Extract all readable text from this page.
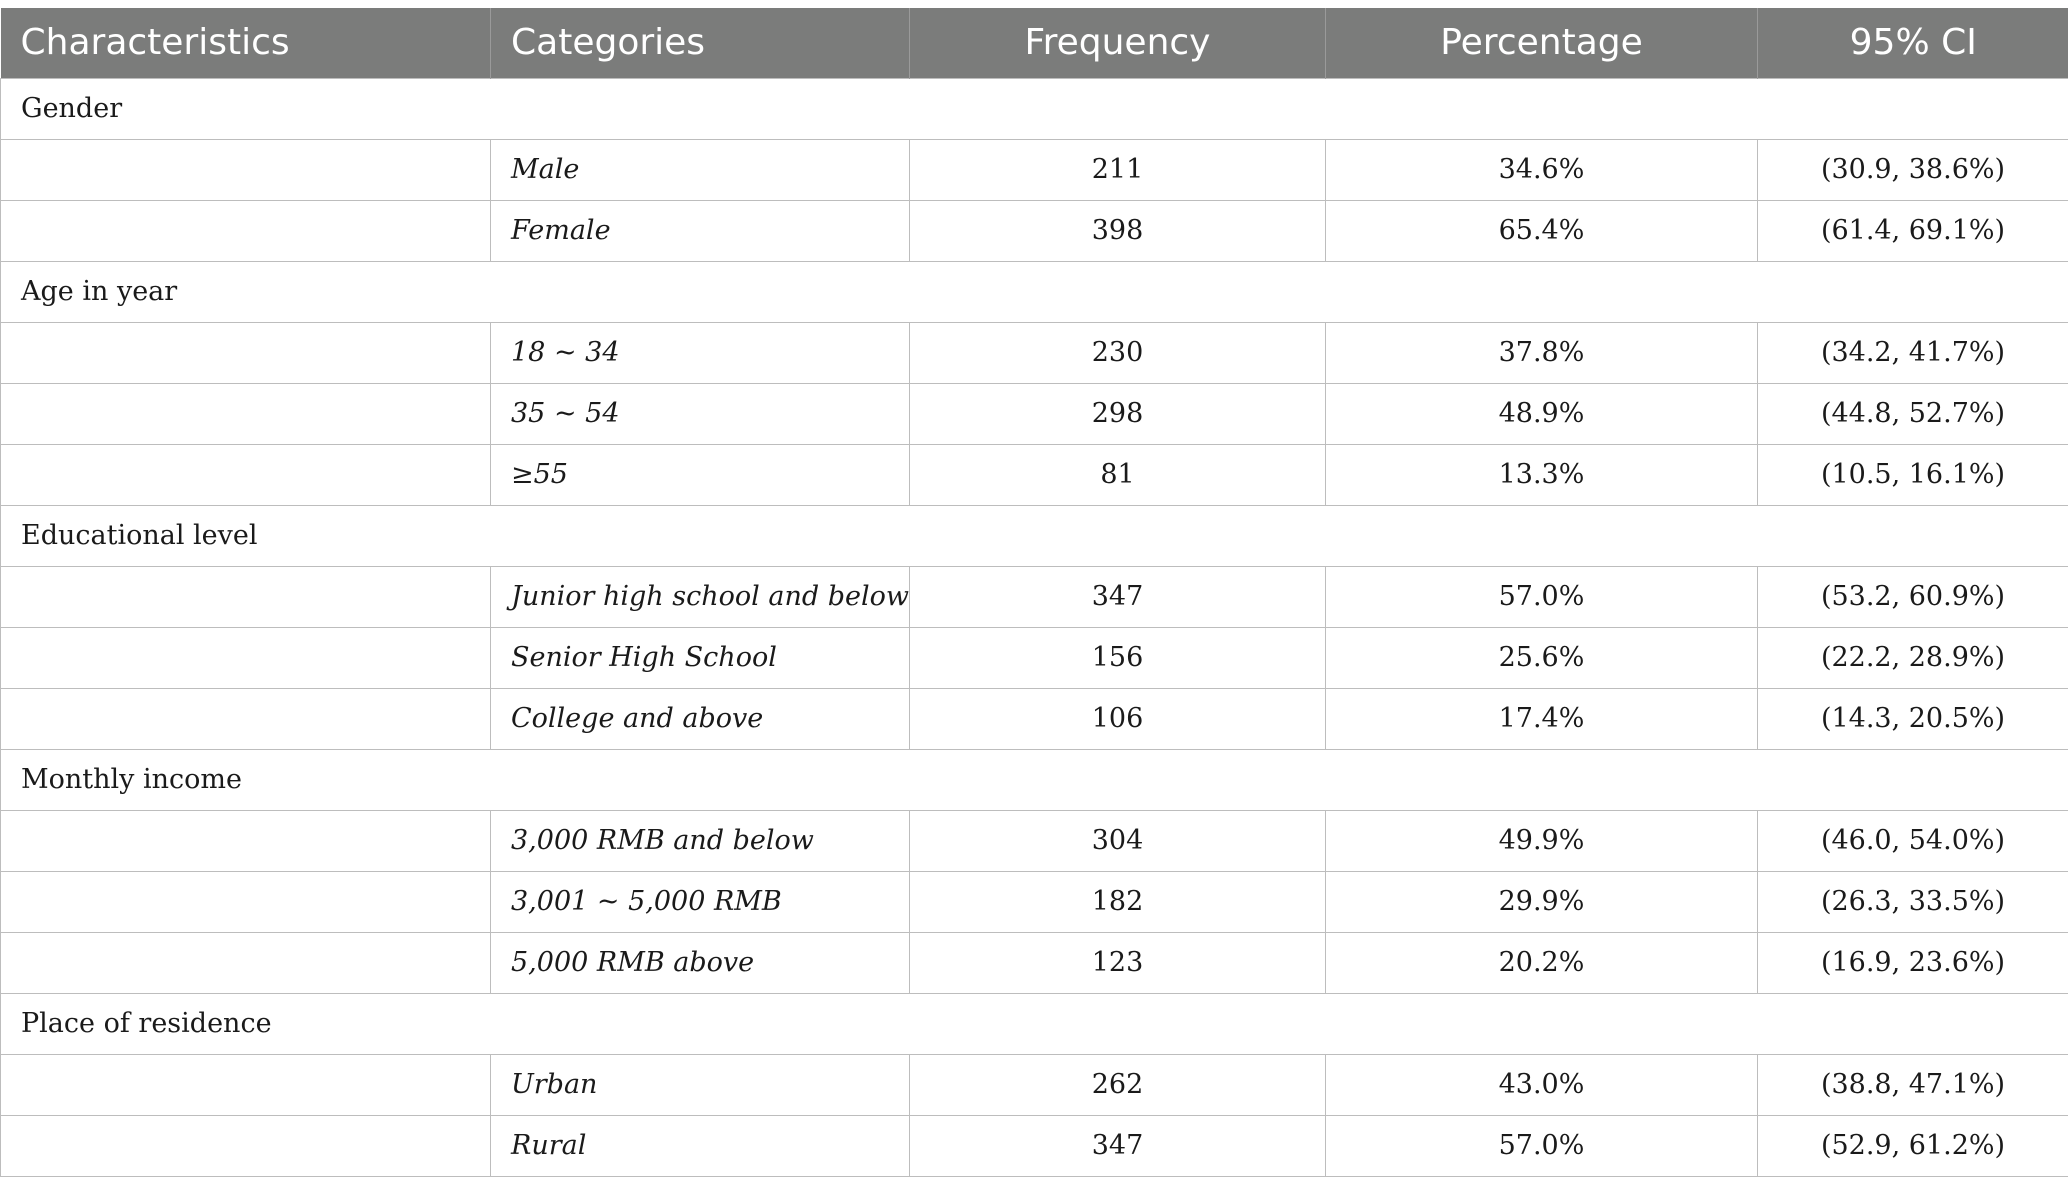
Characteristics	Categories	Frequency	Percentage	95% CI
Gender				
	Male	211	34.6%	(30.9, 38.6%)
	Female	398	65.4%	(61.4, 69.1%)
Age in year				
	18 ~ 34	230	37.8%	(34.2, 41.7%)
	35 ~ 54	298	48.9%	(44.8, 52.7%)
	≥55	81	13.3%	(10.5, 16.1%)
Educational level				
	Junior high school and below	347	57.0%	(53.2, 60.9%)
	Senior High School	156	25.6%	(22.2, 28.9%)
	College and above	106	17.4%	(14.3, 20.5%)
Monthly income				
	3,000 RMB and below	304	49.9%	(46.0, 54.0%)
	3,001 ~ 5,000 RMB	182	29.9%	(26.3, 33.5%)
	5,000 RMB above	123	20.2%	(16.9, 23.6%)
Place of residence				
	Urban	262	43.0%	(38.8, 47.1%)
	Rural	347	57.0%	(52.9, 61.2%)
